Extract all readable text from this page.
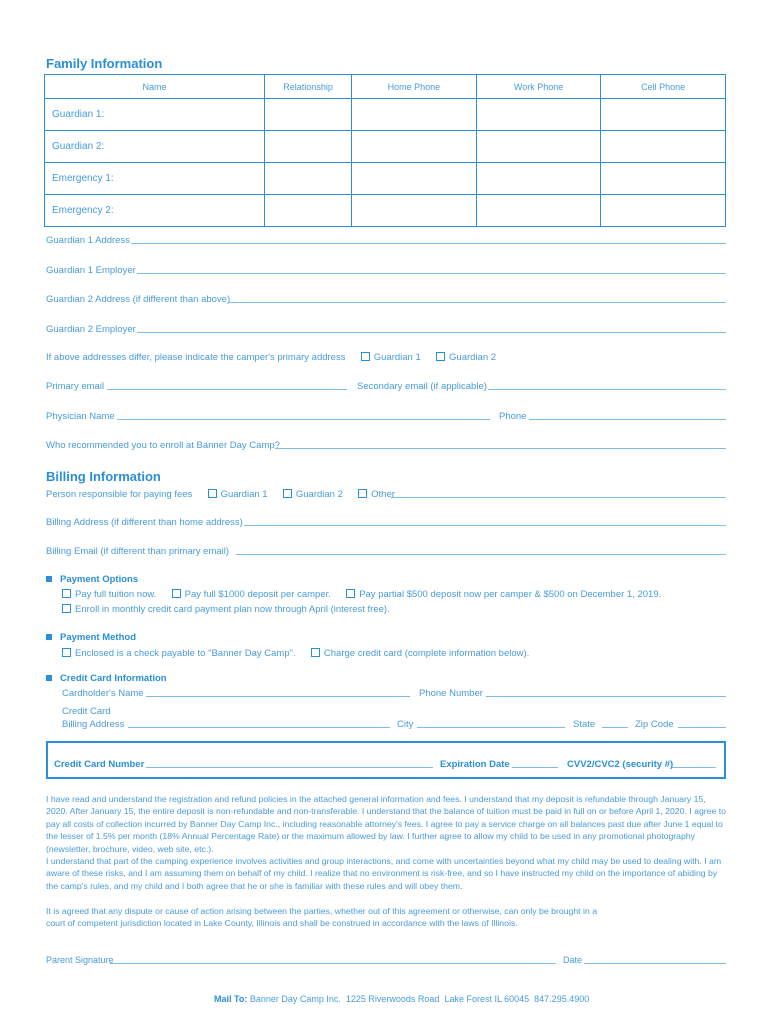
Family Information
Name	Relationship	Home Phone	Work Phone	Cell Phone
Guardian 1:				
Guardian 2:				
Emergency 1:				
Emergency 2:				
Guardian 1 Address
Guardian 1 Employer
Guardian 2 Address (if different than above)
Guardian 2 Employer
If above addresses differ, please indicate the camper's primary address	Guardian 1	Guardian 2
Primary email	Secondary email (if applicable)
Physician Name	Phone
Who recommended you to enroll at Banner Day Camp?
Billing Information
Person responsible for paying fees	Guardian 1	Guardian 2	Other
Billing Address (if different than home address)
Billing Email (if different than primary email)
Payment Options
Pay full tuition now.	Pay full $1000 deposit per camper.	Pay partial $500 deposit now per camper & $500 on December 1, 2019.
Enroll in monthly credit card payment plan now through April (interest free).
Payment Method
Enclosed is a check payable to "Banner Day Camp".	Charge credit card (complete information below).
Credit Card Information
Cardholder's Name	Phone Number
Credit Card
Billing Address	City	State	Zip Code
Credit Card Number	Expiration Date	CVV2/CVC2 (security #)
I have read and understand the registration and refund policies in the attached general information and fees. I understand that my deposit is refundable through January 15, 2020. After January 15, the entire deposit is non-refundable and non-transferable. I understand that the balance of tuition must be paid in full on or before April 1, 2020. I agree to pay all costs of collection incurred by Banner Day Camp Inc., including reasonable attorney's fees. I agree to pay a service charge on all balances past due after June 1 equal to the lesser of 1.5% per month (18% Annual Percentage Rate) or the maximum allowed by law. I further agree to allow my child to be used in any promotional photography (newsletter, brochure, video, web site, etc.).
I understand that part of the camping experience involves activities and group interactions, and come with uncertainties beyond what my child may be used to dealing with. I am aware of these risks, and I am assuming them on behalf of my child. I realize that no environment is risk-free, and so I have instructed my child on the importance of abiding by the camp's rules, and my child and I both agree that he or she is familiar with these rules and will obey them.
It is agreed that any dispute or cause of action arising between the parties, whether out of this agreement or otherwise, can only be brought in a court of competent jurisdiction located in Lake County, Illinois and shall be construed in accordance with the laws of Illinois.
Parent Signature	Date
Mail To: Banner Day Camp Inc.  1225 Riverwoods Road  Lake Forest IL 60045  847.295.4900
